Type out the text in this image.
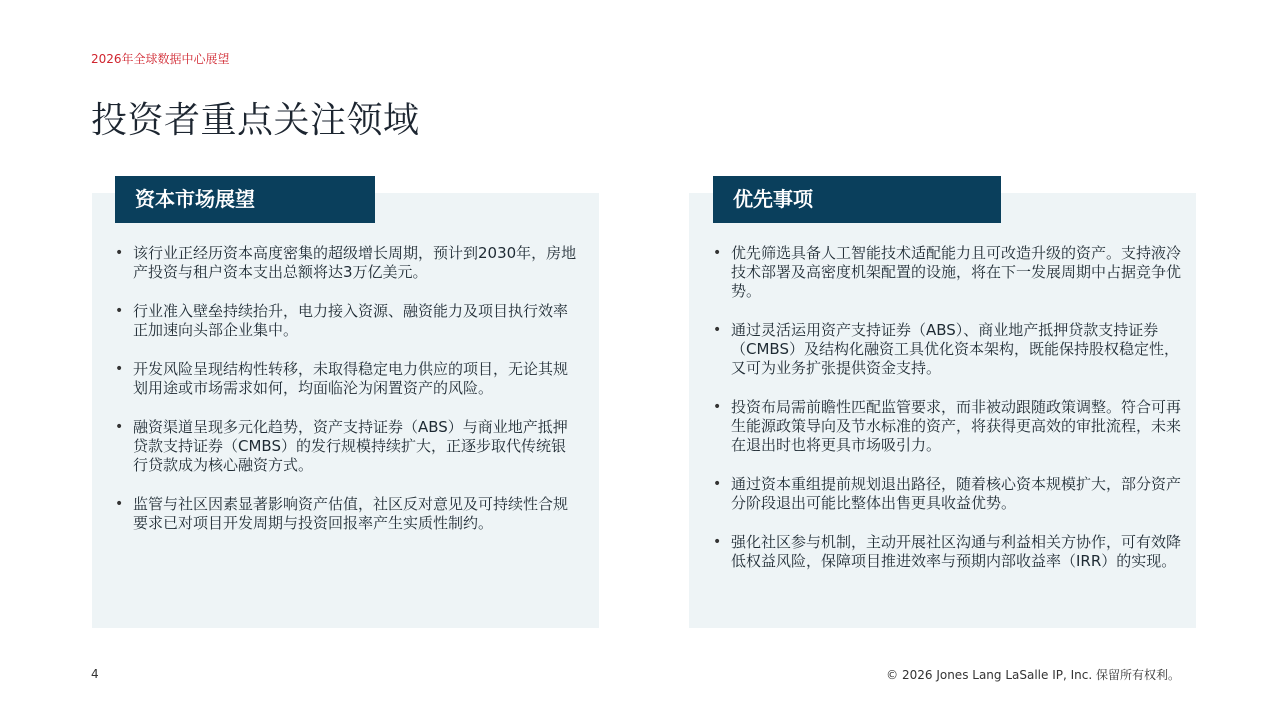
2026年全球数据中心展望
投资者重点关注领域
资本市场展望
• 该行业正经历资本高度密集的超级增长周期，预计到2030年，房地产投资与租户资本支出总额将达3万亿美元。
• 行业准入壁垒持续抬升，电力接入资源、融资能力及项目执行效率正加速向头部企业集中。
• 开发风险呈现结构性转移，未取得稳定电力供应的项目，无论其规划用途或市场需求如何，均面临沦为闲置资产的风险。
• 融资渠道呈现多元化趋势，资产支持证券（ABS）与商业地产抵押贷款支持证券（CMBS）的发行规模持续扩大，正逐步取代传统银行贷款成为核心融资方式。
• 监管与社区因素显著影响资产估值，社区反对意见及可持续性合规要求已对项目开发周期与投资回报率产生实质性制约。
优先事项
• 优先筛选具备人工智能技术适配能力且可改造升级的资产。支持液冷技术部署及高密度机架配置的设施，将在下一发展周期中占据竞争优势。
• 通过灵活运用资产支持证券（ABS）、商业地产抵押贷款支持证券（CMBS）及结构化融资工具优化资本架构，既能保持股权稳定性，又可为业务扩张提供资金支持。
• 投资布局需前瞻性匹配监管要求，而非被动跟随政策调整。符合可再生能源政策导向及节水标准的资产，将获得更高效的审批流程，未来在退出时也将更具市场吸引力。
• 通过资本重组提前规划退出路径，随着核心资本规模扩大，部分资产分阶段退出可能比整体出售更具收益优势。
• 强化社区参与机制，主动开展社区沟通与利益相关方协作，可有效降低权益风险，保障项目推进效率与预期内部收益率（IRR）的实现。
4	© 2026 Jones Lang LaSalle IP, Inc. 保留所有权利。
